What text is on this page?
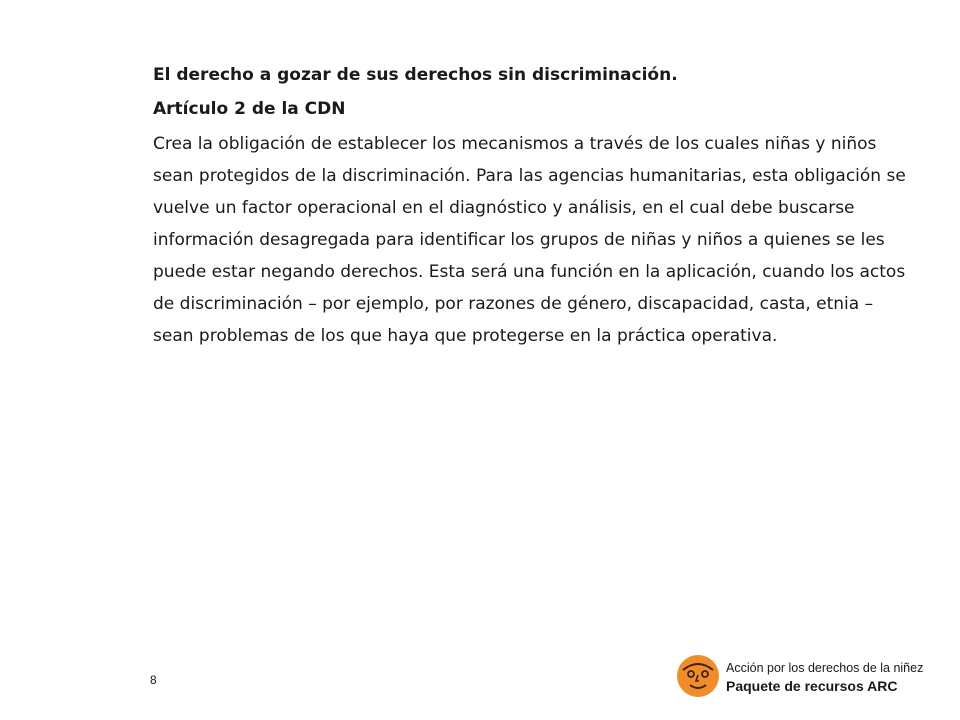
El derecho a gozar de sus derechos sin discriminación.

Artículo 2 de la CDN

Crea la obligación de establecer los mecanismos a través de los cuales niñas y niños sean protegidos de la discriminación. Para las agencias humanitarias, esta obligación se vuelve un factor operacional en el diagnóstico y análisis, en el cual debe buscarse información desagregada para identificar los grupos de niñas y niños a quienes se les puede estar negando derechos. Esta será una función en la aplicación, cuando los actos de discriminación – por ejemplo, por razones de género, discapacidad, casta, etnia – sean problemas de los que haya que protegerse en la práctica operativa.

8
Acción por los derechos de la niñez
Paquete de recursos ARC
